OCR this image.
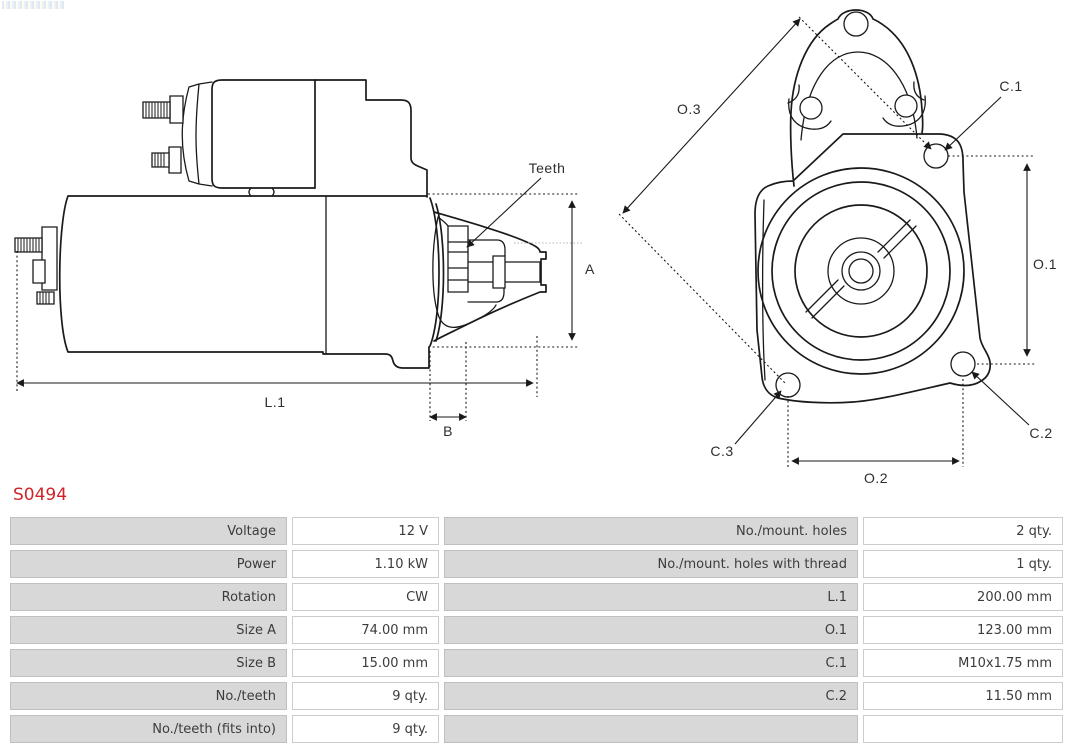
A
L.1
B
Teeth
O.3
C.1
O.1
C.2
C.3
O.2
S0494
Voltage	12 V	No./mount. holes	2 qty.
Power	1.10 kW	No./mount. holes with thread	1 qty.
Rotation	CW	L.1	200.00 mm
Size A	74.00 mm	O.1	123.00 mm
Size B	15.00 mm	C.1	M10x1.75 mm
No./teeth	9 qty.	C.2	11.50 mm
No./teeth (fits into)	9 qty.
